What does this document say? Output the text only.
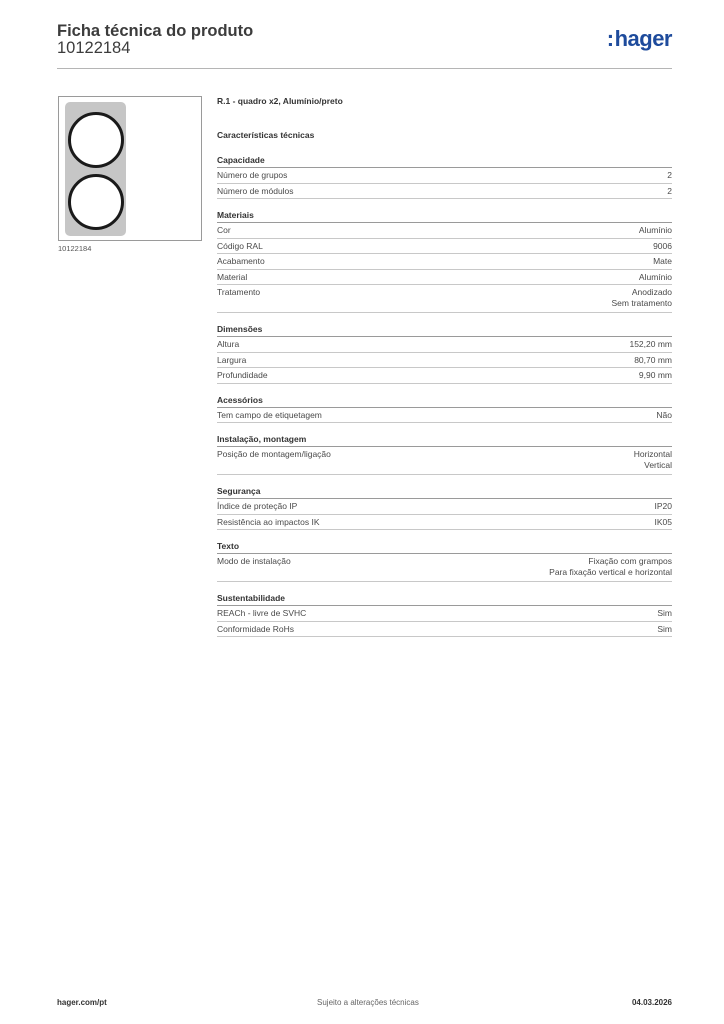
Ficha técnica do produto
10122184	:hager
10122184
R.1 - quadro x2, Alumínio/preto
Características técnicas
Capacidade
Número de grupos	2
Número de módulos	2
Materiais
Cor	Alumínio
Código RAL	9006
Acabamento	Mate
Material	Alumínio
Tratamento	Anodizado
Sem tratamento
Dimensões
Altura	152,20 mm
Largura	80,70 mm
Profundidade	9,90 mm
Acessórios
Tem campo de etiquetagem	Não
Instalação, montagem
Posição de montagem/ligação	Horizontal
Vertical
Segurança
Índice de proteção IP	IP20
Resistência ao impactos IK	IK05
Texto
Modo de instalação	Fixação com grampos
Para fixação vertical e horizontal
Sustentabilidade
REACh - livre de SVHC	Sim
Conformidade RoHs	Sim
hager.com/pt	Sujeito a alterações técnicas	04.03.2026
